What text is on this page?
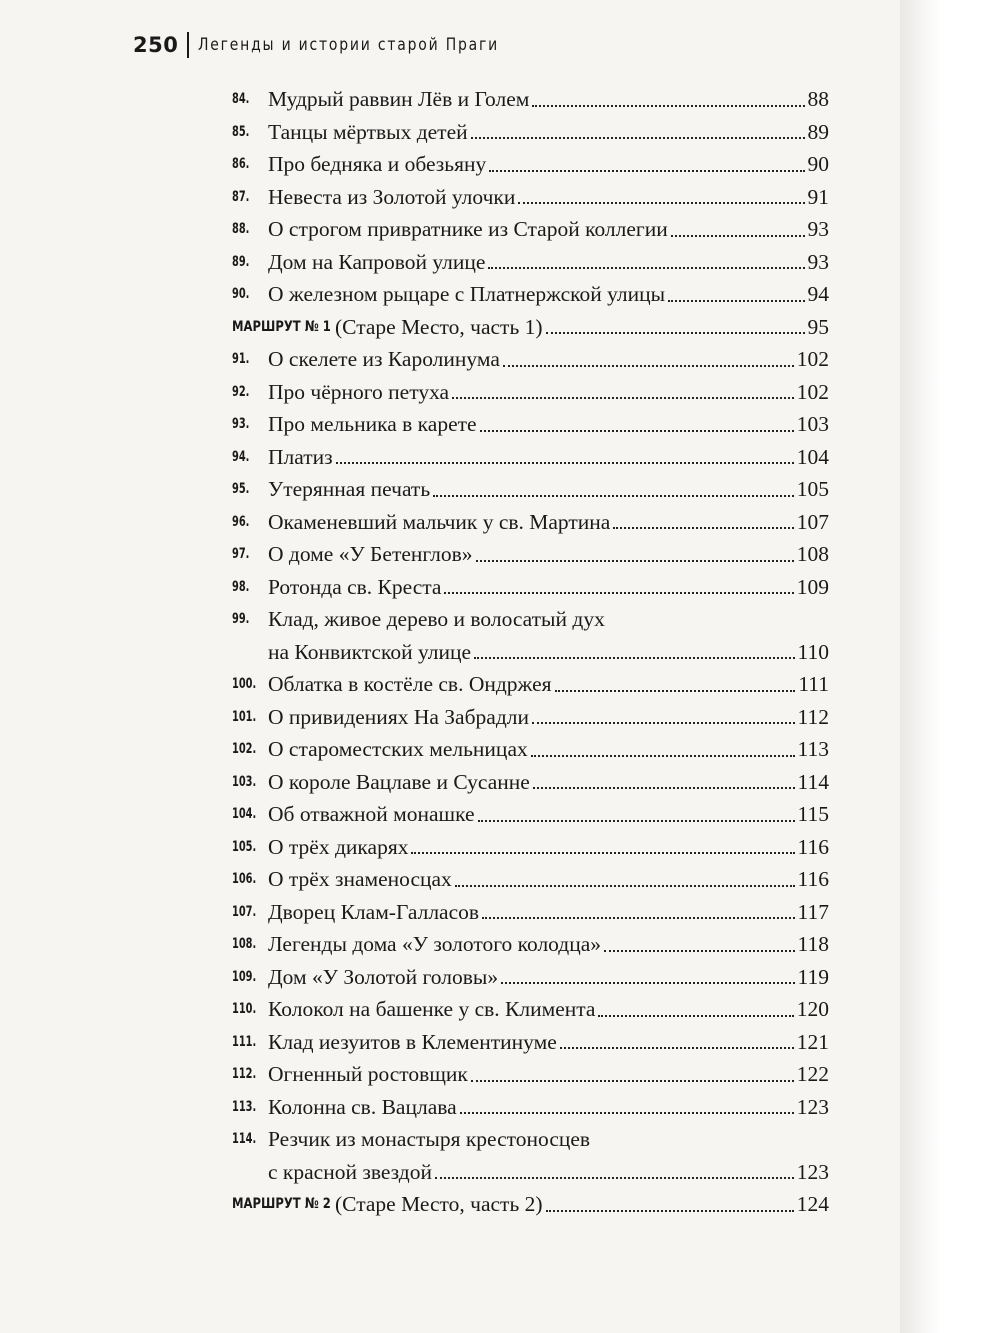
250 Легенды и истории старой Праги
84. Мудрый раввин Лёв и Голем	88
85. Танцы мёртвых детей	89
86. Про бедняка и обезьяну	90
87. Невеста из Золотой улочки	91
88. О строгом привратнике из Старой коллегии	93
89. Дом на Капровой улице	93
90. О железном рыцаре с Платнержской улицы	94
МАРШРУТ № 1 (Старе Место, часть 1)	95
91. О скелете из Каролинума	102
92. Про чёрного петуха	102
93. Про мельника в карете	103
94. Платиз	104
95. Утерянная печать	105
96. Окаменевший мальчик у св. Мартина	107
97. О доме «У Бетенглов»	108
98. Ротонда св. Креста	109
99. Клад, живое дерево и волосатый дух
на Конвиктской улице	110
100. Облатка в костёле св. Ондржея	111
101. О привидениях На Забрадли	112
102. О староместских мельницах	113
103. О короле Вацлаве и Сусанне	114
104. Об отважной монашке	115
105. О трёх дикарях	116
106. О трёх знаменосцах	116
107. Дворец Клам-Галласов	117
108. Легенды дома «У золотого колодца»	118
109. Дом «У Золотой головы»	119
110. Колокол на башенке у св. Климента	120
111. Клад иезуитов в Клементинуме	121
112. Огненный ростовщик	122
113. Колонна св. Вацлава	123
114. Резчик из монастыря крестоносцев
с красной звездой	123
МАРШРУТ № 2 (Старе Место, часть 2)	124
